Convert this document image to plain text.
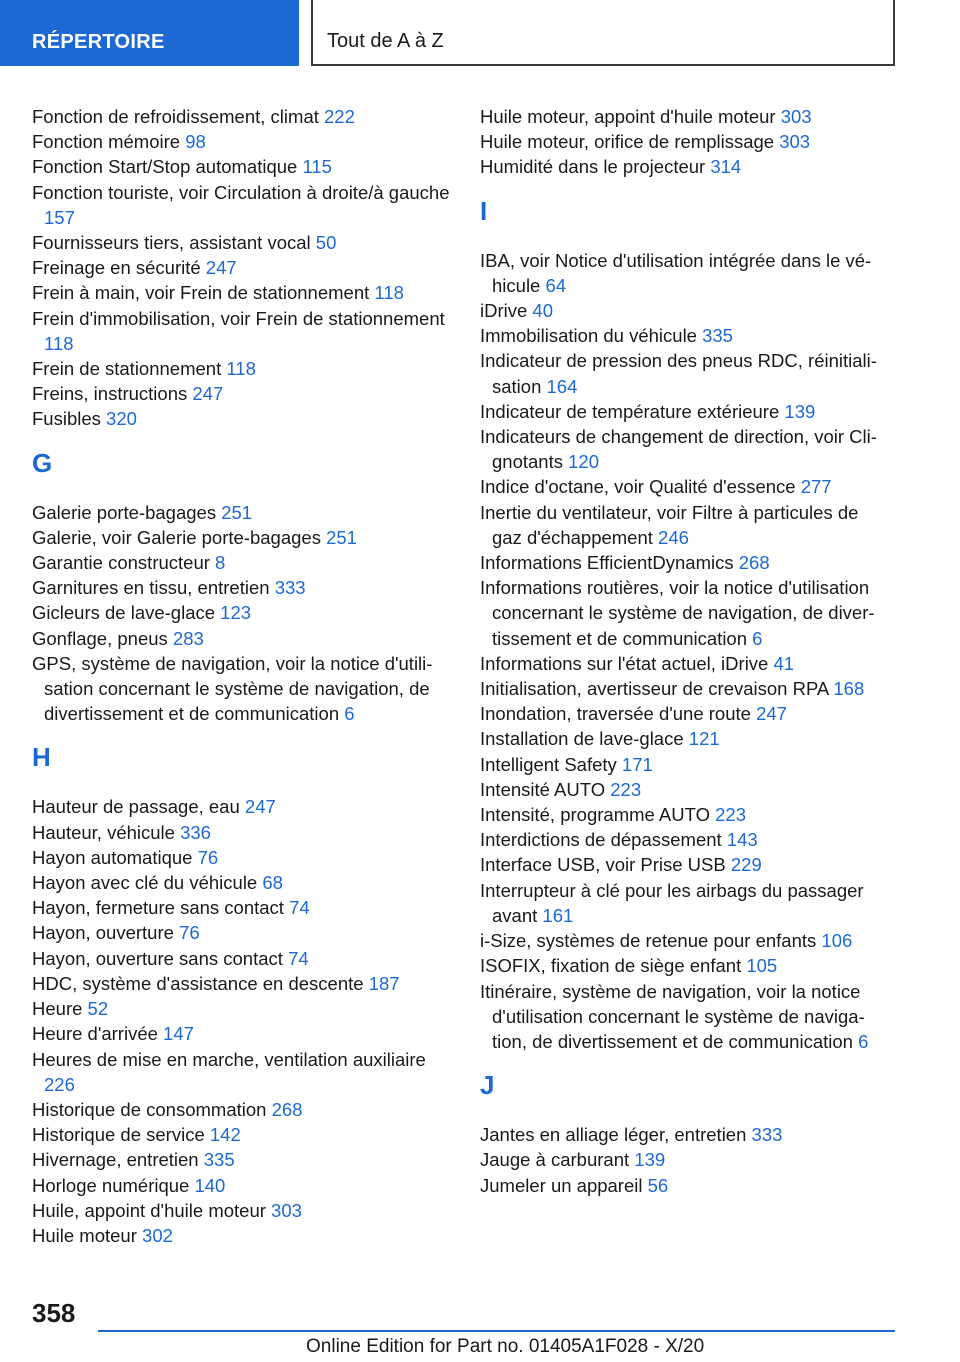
RÉPERTOIRE	Tout de A à Z
Fonction de refroidissement, climat 222
Fonction mémoire 98
Fonction Start/Stop automatique 115
Fonction touriste, voir Circulation à droite/à gauche 157
Fournisseurs tiers, assistant vocal 50
Freinage en sécurité 247
Frein à main, voir Frein de stationnement 118
Frein d'immobilisation, voir Frein de stationnement 118
Frein de stationnement 118
Freins, instructions 247
Fusibles 320
G
Galerie porte-bagages 251
Galerie, voir Galerie porte-bagages 251
Garantie constructeur 8
Garnitures en tissu, entretien 333
Gicleurs de lave-glace 123
Gonflage, pneus 283
GPS, système de navigation, voir la notice d'utilisation concernant le système de navigation, de divertissement et de communication 6
H
Hauteur de passage, eau 247
Hauteur, véhicule 336
Hayon automatique 76
Hayon avec clé du véhicule 68
Hayon, fermeture sans contact 74
Hayon, ouverture 76
Hayon, ouverture sans contact 74
HDC, système d'assistance en descente 187
Heure 52
Heure d'arrivée 147
Heures de mise en marche, ventilation auxiliaire 226
Historique de consommation 268
Historique de service 142
Hivernage, entretien 335
Horloge numérique 140
Huile, appoint d'huile moteur 303
Huile moteur 302
Huile moteur, appoint d'huile moteur 303
Huile moteur, orifice de remplissage 303
Humidité dans le projecteur 314
I
IBA, voir Notice d'utilisation intégrée dans le véhicule 64
iDrive 40
Immobilisation du véhicule 335
Indicateur de pression des pneus RDC, réinitialisation 164
Indicateur de température extérieure 139
Indicateurs de changement de direction, voir Clignotants 120
Indice d'octane, voir Qualité d'essence 277
Inertie du ventilateur, voir Filtre à particules de gaz d'échappement 246
Informations EfficientDynamics 268
Informations routières, voir la notice d'utilisation concernant le système de navigation, de divertissement et de communication 6
Informations sur l'état actuel, iDrive 41
Initialisation, avertisseur de crevaison RPA 168
Inondation, traversée d'une route 247
Installation de lave-glace 121
Intelligent Safety 171
Intensité AUTO 223
Intensité, programme AUTO 223
Interdictions de dépassement 143
Interface USB, voir Prise USB 229
Interrupteur à clé pour les airbags du passager avant 161
i-Size, systèmes de retenue pour enfants 106
ISOFIX, fixation de siège enfant 105
Itinéraire, système de navigation, voir la notice d'utilisation concernant le système de navigation, de divertissement et de communication 6
J
Jantes en alliage léger, entretien 333
Jauge à carburant 139
Jumeler un appareil 56
358
Online Edition for Part no. 01405A1F028 - X/20
